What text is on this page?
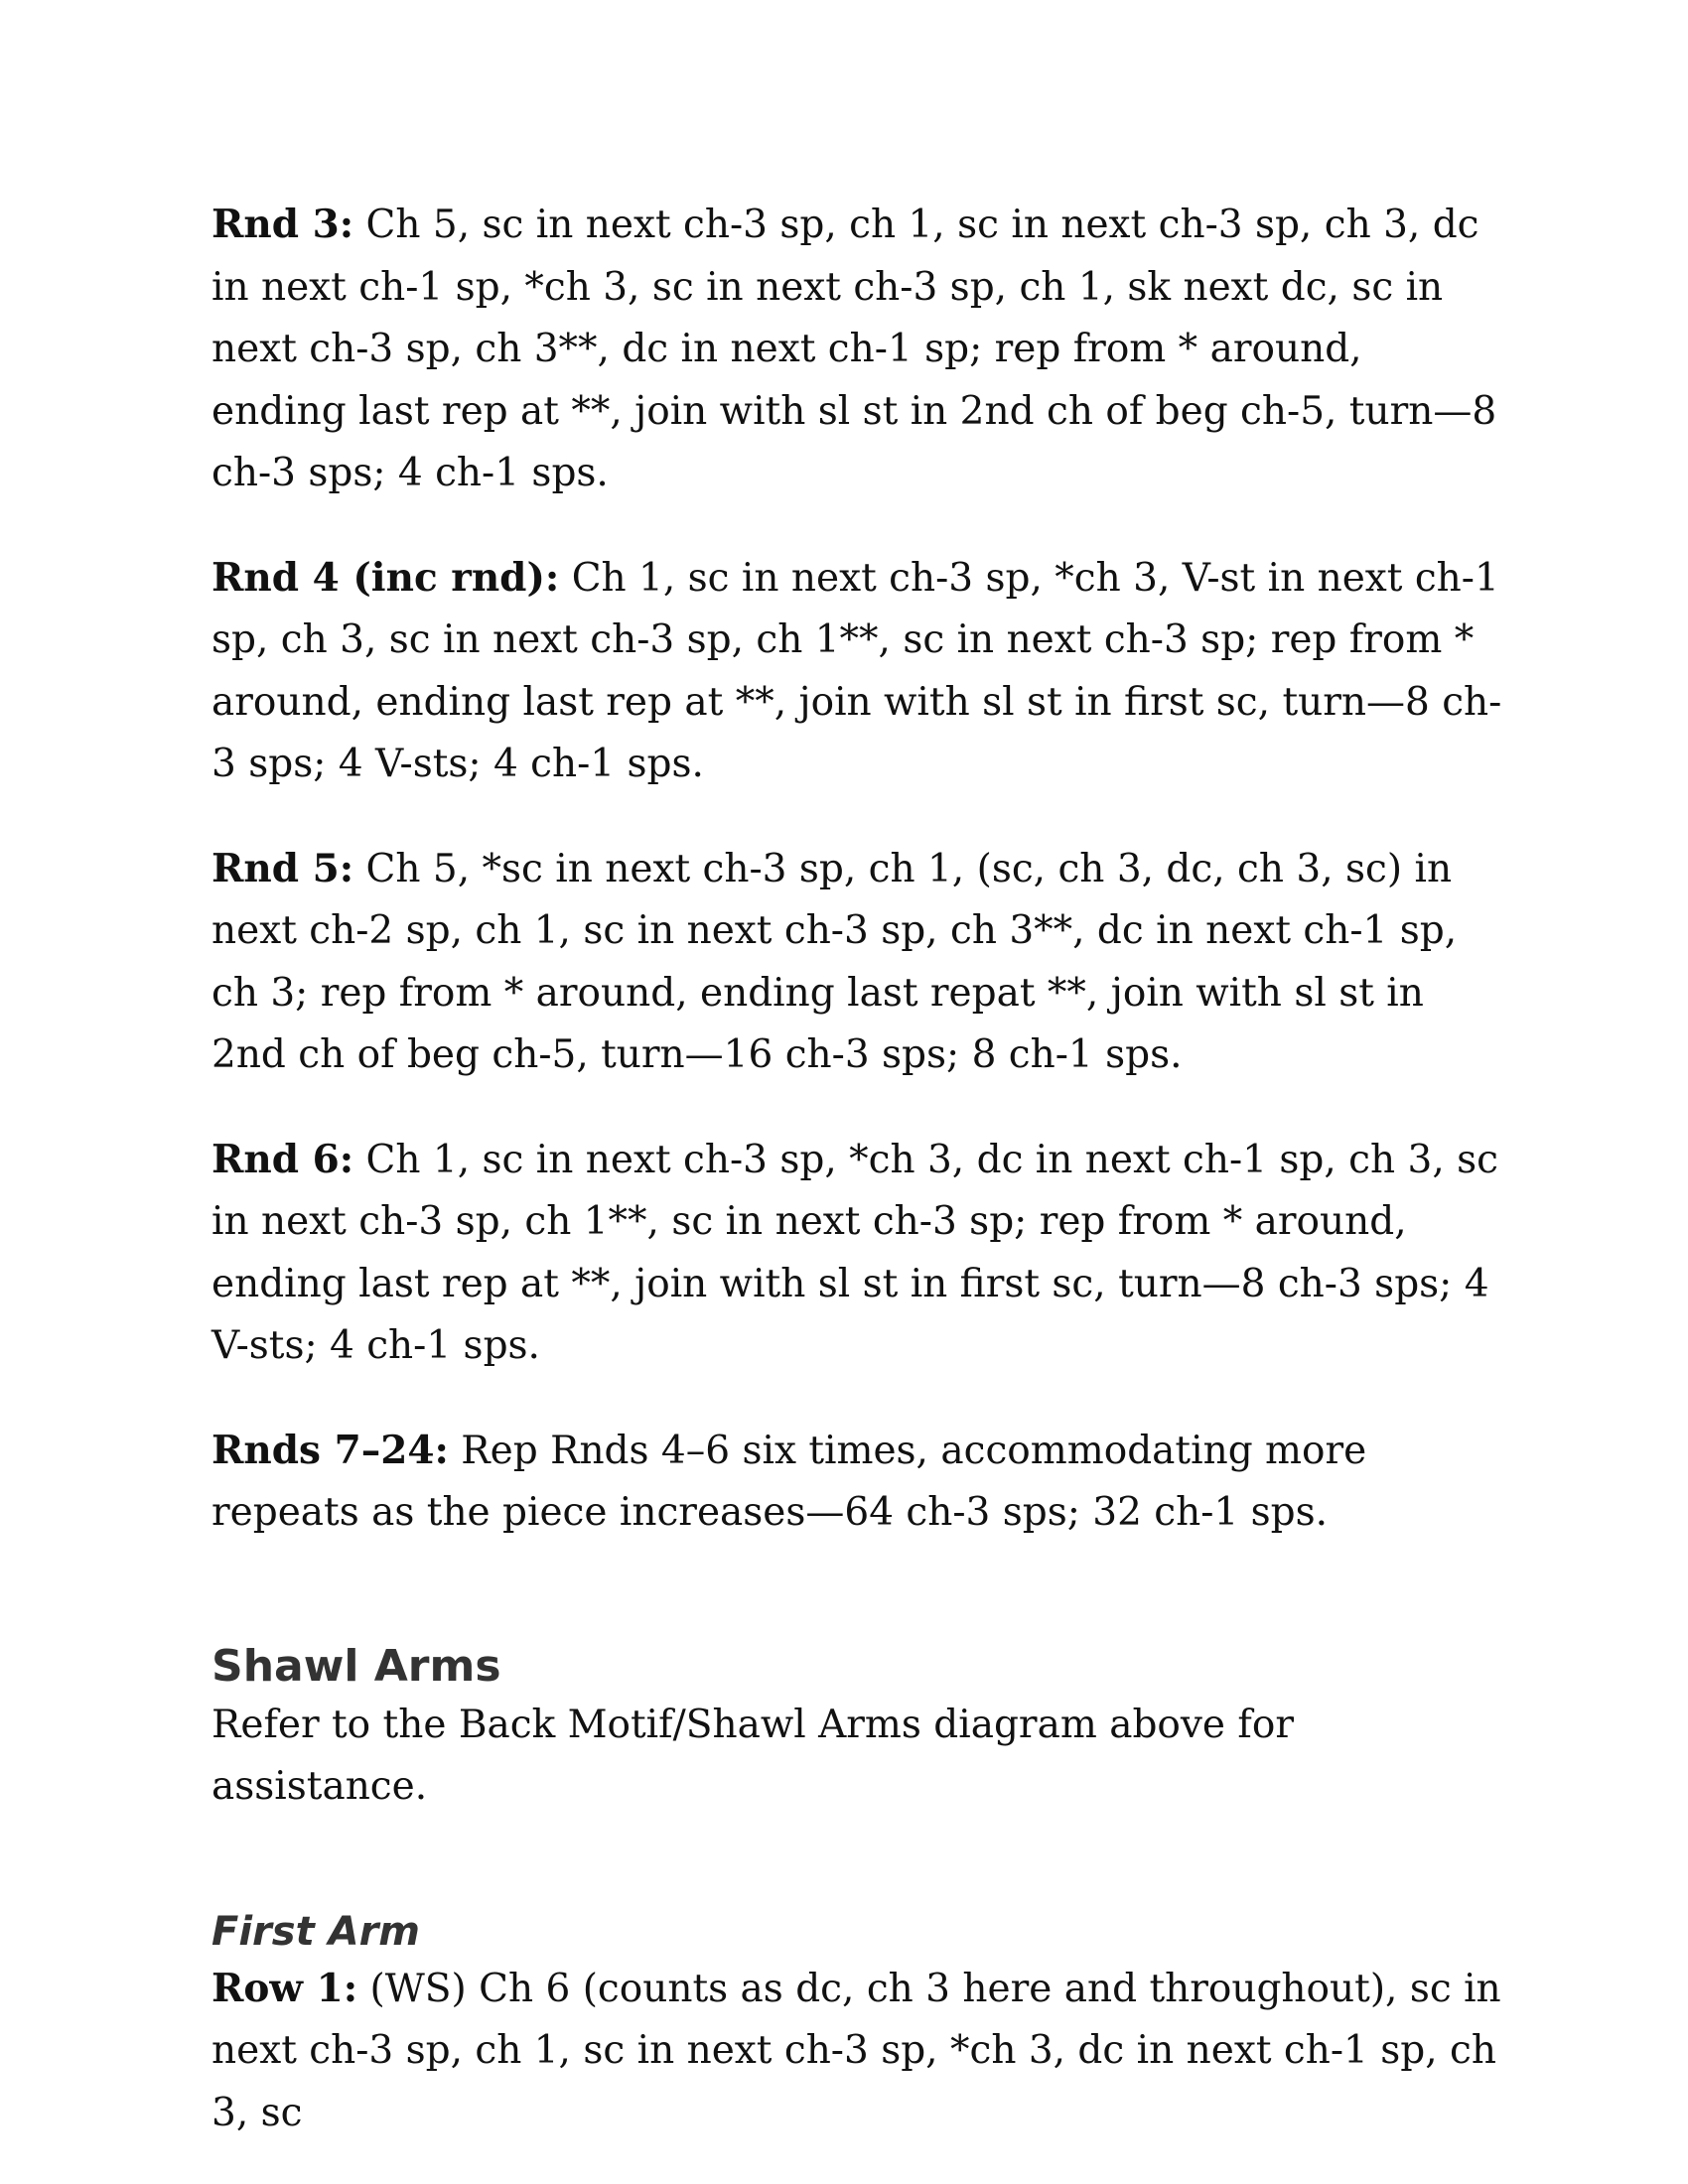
Rnd 3: Ch 5, sc in next ch-3 sp, ch 1, sc in next ch-3 sp, ch 3, dc in next ch-1 sp, *ch 3, sc in next ch-3 sp, ch 1, sk next dc, sc in next ch-3 sp, ch 3**, dc in next ch-1 sp; rep from * around, ending last rep at **, join with sl st in 2nd ch of beg ch-5, turn—8 ch-3 sps; 4 ch-1 sps.

Rnd 4 (inc rnd): Ch 1, sc in next ch-3 sp, *ch 3, V-st in next ch-1 sp, ch 3, sc in next ch-3 sp, ch 1**, sc in next ch-3 sp; rep from * around, ending last rep at **, join with sl st in first sc, turn—8 ch-3 sps; 4 V-sts; 4 ch-1 sps.

Rnd 5: Ch 5, *sc in next ch-3 sp, ch 1, (sc, ch 3, dc, ch 3, sc) in next ch-2 sp, ch 1, sc in next ch-3 sp, ch 3**, dc in next ch-1 sp, ch 3; rep from * around, ending last repat **, join with sl st in 2nd ch of beg ch-5, turn—16 ch-3 sps; 8 ch-1 sps.

Rnd 6: Ch 1, sc in next ch-3 sp, *ch 3, dc in next ch-1 sp, ch 3, sc in next ch-3 sp, ch 1**, sc in next ch-3 sp; rep from * around, ending last rep at **, join with sl st in first sc, turn—8 ch-3 sps; 4 V-sts; 4 ch-1 sps.

Rnds 7–24: Rep Rnds 4–6 six times, accommodating more repeats as the piece increases—64 ch-3 sps; 32 ch-1 sps.

Shawl Arms

Refer to the Back Motif/Shawl Arms diagram above for assistance.

First Arm

Row 1: (WS) Ch 6 (counts as dc, ch 3 here and throughout), sc in next ch-3 sp, ch 1, sc in next ch-3 sp, *ch 3, dc in next ch-1 sp, ch 3, sc
